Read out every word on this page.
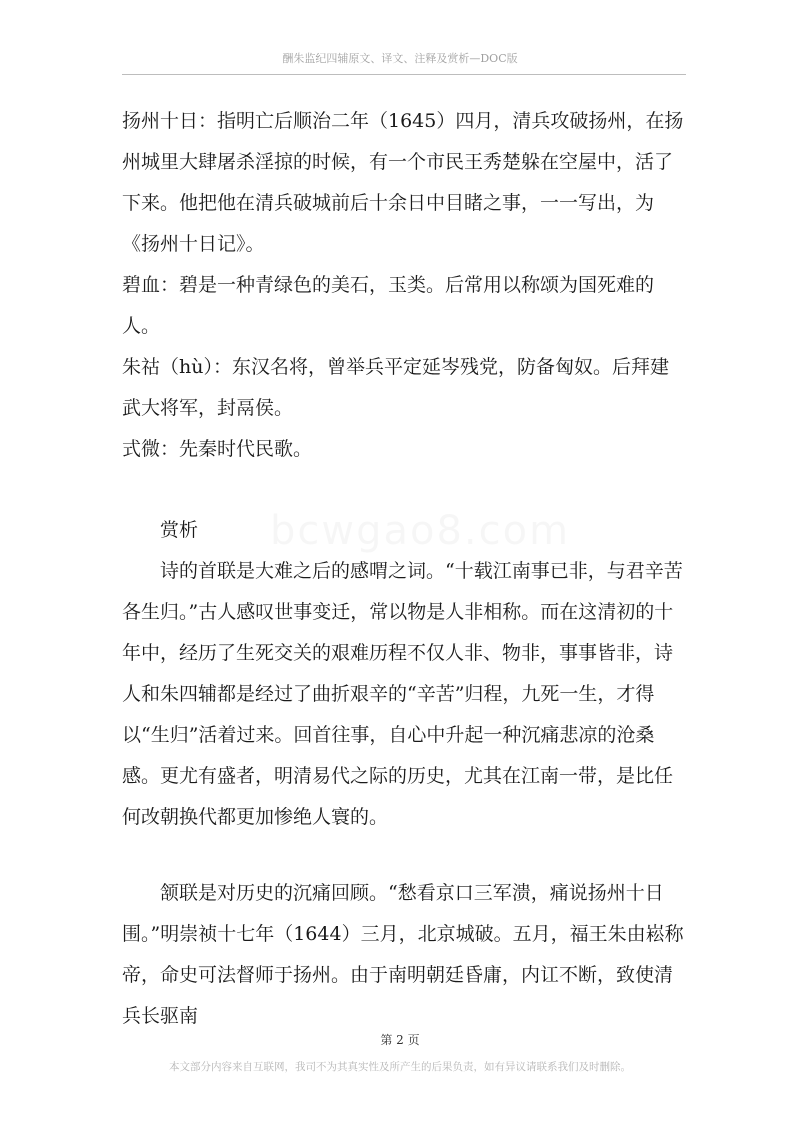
酬朱监纪四辅原文、译文、注释及赏析—DOC版

扬州十日：指明亡后顺治二年（1645）四月，清兵攻破扬州，在扬州城里大肆屠杀淫掠的时候，有一个市民王秀楚躲在空屋中，活了下来。他把他在清兵破城前后十余日中目睹之事，一一写出，为《扬州十日记》。

碧血：碧是一种青绿色的美石，玉类。后常用以称颂为国死难的人。

朱祜（hù）：东汉名将，曾举兵平定延岑残党，防备匈奴。后拜建武大将军，封鬲侯。

式微：先秦时代民歌。

赏析

诗的首联是大难之后的感喟之词。“十载江南事已非，与君辛苦各生归。”古人感叹世事变迁，常以物是人非相称。而在这清初的十年中，经历了生死交关的艰难历程不仅人非、物非，事事皆非，诗人和朱四辅都是经过了曲折艰辛的“辛苦”归程，九死一生，才得以“生归”活着过来。回首往事，自心中升起一种沉痛悲凉的沧桑感。更尤有盛者，明清易代之际的历史，尤其在江南一带，是比任何改朝换代都更加惨绝人寰的。

颔联是对历史的沉痛回顾。“愁看京口三军溃，痛说扬州十日围。”明崇祯十七年（1644）三月，北京城破。五月，福王朱由崧称帝，命史可法督师于扬州。由于南明朝廷昏庸，内讧不断，致使清兵长驱南

第 2 页
本文部分内容来自互联网，我司不为其真实性及所产生的后果负责，如有异议请联系我们及时删除。
